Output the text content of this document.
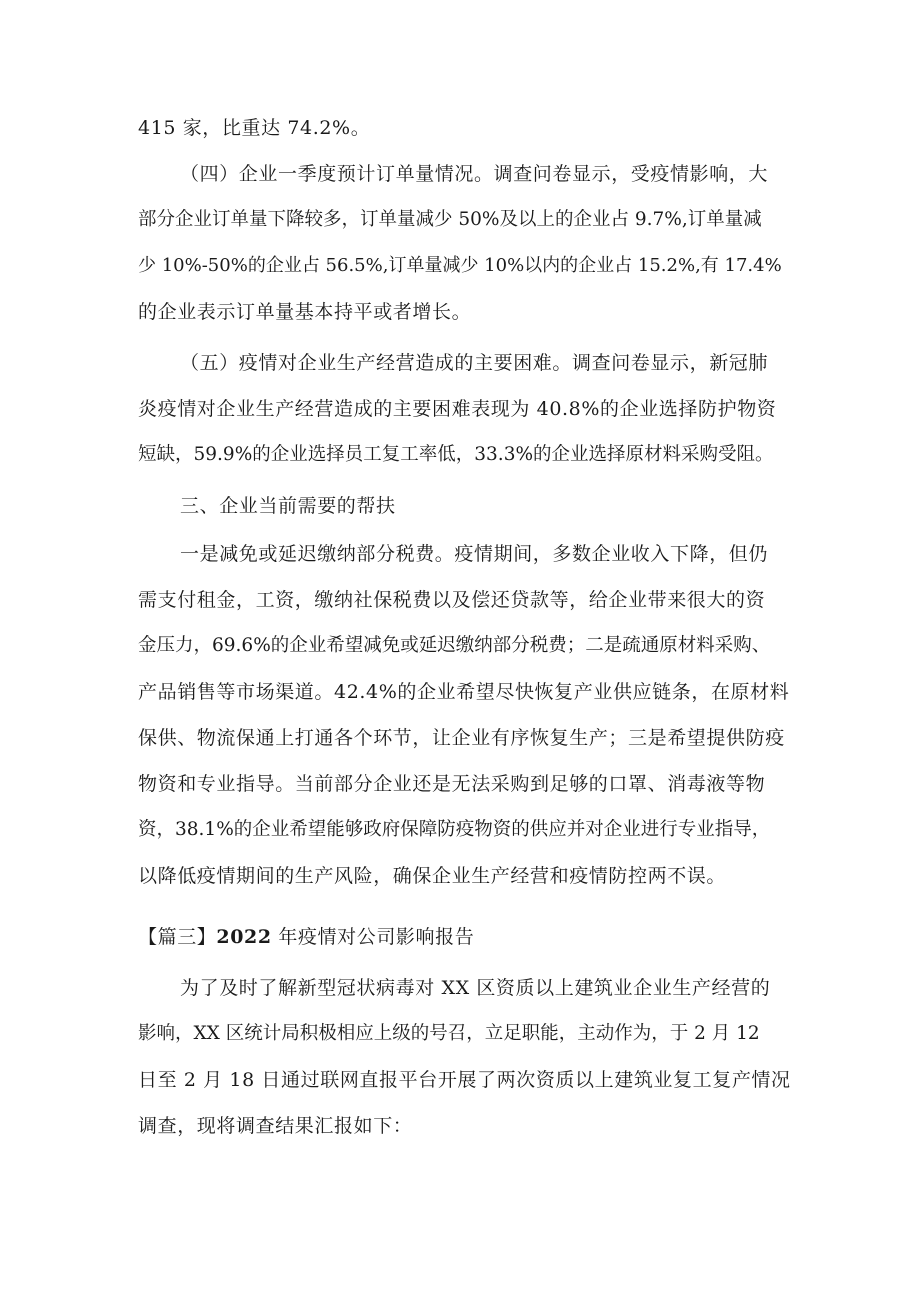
415 家，比重达 74.2%。
（四）企业一季度预计订单量情况。调查问卷显示，受疫情影响，大
部分企业订单量下降较多，订单量减少 50%及以上的企业占 9.7%,订单量减
少 10%-50%的企业占 56.5%,订单量减少 10%以内的企业占 15.2%,有 17.4%
的企业表示订单量基本持平或者增长。
（五）疫情对企业生产经营造成的主要困难。调查问卷显示，新冠肺
炎疫情对企业生产经营造成的主要困难表现为 40.8%的企业选择防护物资
短缺，59.9%的企业选择员工复工率低，33.3%的企业选择原材料采购受阻。
三、企业当前需要的帮扶
一是减免或延迟缴纳部分税费。疫情期间，多数企业收入下降，但仍
需支付租金，工资，缴纳社保税费以及偿还贷款等，给企业带来很大的资
金压力，69.6%的企业希望减免或延迟缴纳部分税费；二是疏通原材料采购、
产品销售等市场渠道。42.4%的企业希望尽快恢复产业供应链条，在原材料
保供、物流保通上打通各个环节，让企业有序恢复生产；三是希望提供防疫
物资和专业指导。当前部分企业还是无法采购到足够的口罩、消毒液等物
资，38.1%的企业希望能够政府保障防疫物资的供应并对企业进行专业指导，
以降低疫情期间的生产风险，确保企业生产经营和疫情防控两不误。
【篇三】2022 年疫情对公司影响报告
为了及时了解新型冠状病毒对 XX 区资质以上建筑业企业生产经营的
影响，XX 区统计局积极相应上级的号召，立足职能，主动作为，于 2 月 12
日至 2 月 18 日通过联网直报平台开展了两次资质以上建筑业复工复产情况
调查，现将调查结果汇报如下：
